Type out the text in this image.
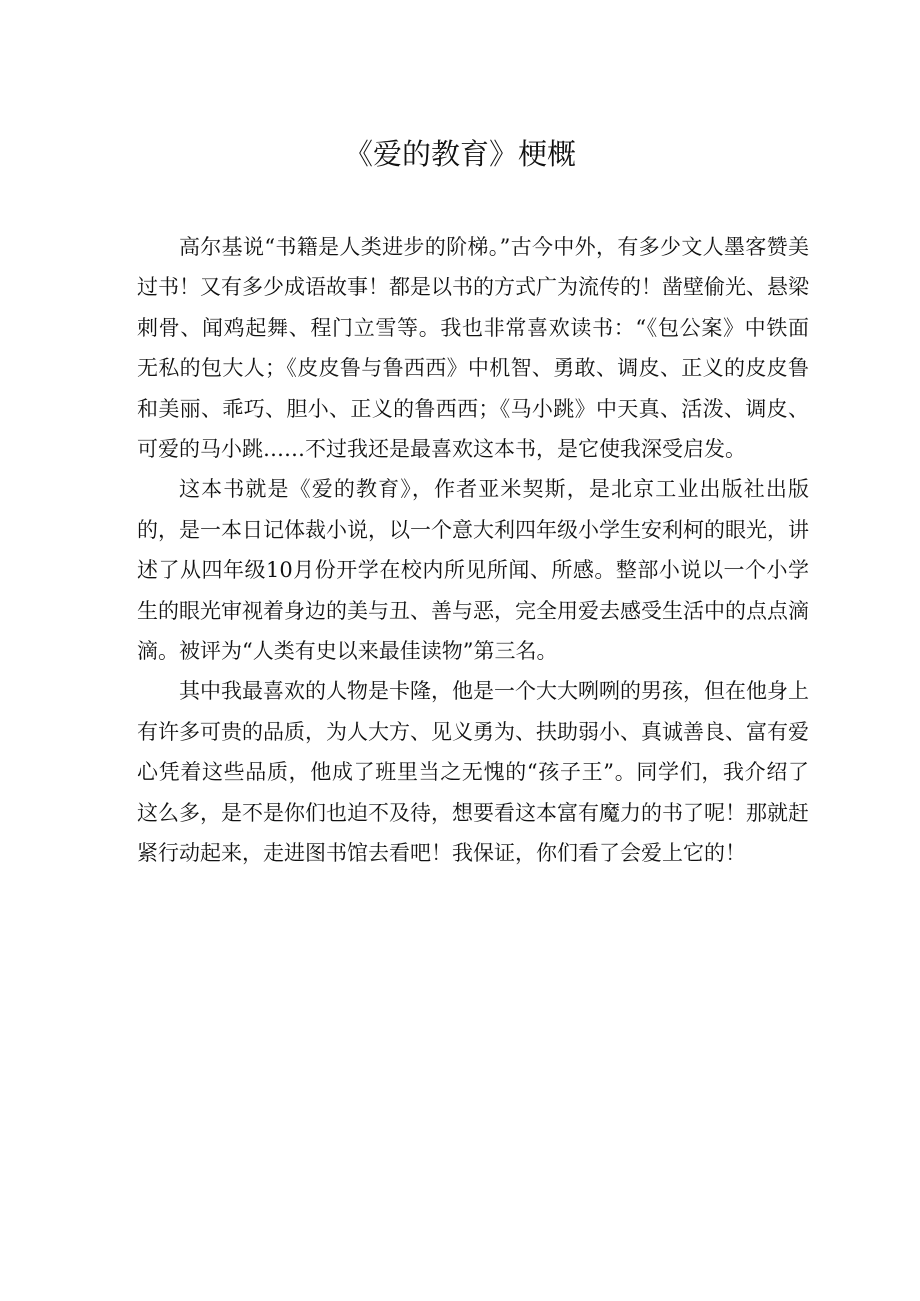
《爱的教育》梗概

高尔基说“书籍是人类进步的阶梯。”古今中外，有多少文人墨客赞美过书！又有多少成语故事！都是以书的方式广为流传的！凿壁偷光、悬梁刺骨、闻鸡起舞、程门立雪等。我也非常喜欢读书：“《包公案》中铁面无私的包大人；《皮皮鲁与鲁西西》中机智、勇敢、调皮、正义的皮皮鲁和美丽、乖巧、胆小、正义的鲁西西；《马小跳》中天真、活泼、调皮、可爱的马小跳……不过我还是最喜欢这本书，是它使我深受启发。

这本书就是《爱的教育》，作者亚米契斯，是北京工业出版社出版的，是一本日记体裁小说，以一个意大利四年级小学生安利柯的眼光，讲述了从四年级10月份开学在校内所见所闻、所感。整部小说以一个小学生的眼光审视着身边的美与丑、善与恶，完全用爱去感受生活中的点点滴滴。被评为“人类有史以来最佳读物”第三名。

其中我最喜欢的人物是卡隆，他是一个大大咧咧的男孩，但在他身上有许多可贵的品质，为人大方、见义勇为、扶助弱小、真诚善良、富有爱心凭着这些品质，他成了班里当之无愧的“孩子王”。同学们，我介绍了这么多，是不是你们也迫不及待，想要看这本富有魔力的书了呢！那就赶紧行动起来，走进图书馆去看吧！我保证，你们看了会爱上它的！
